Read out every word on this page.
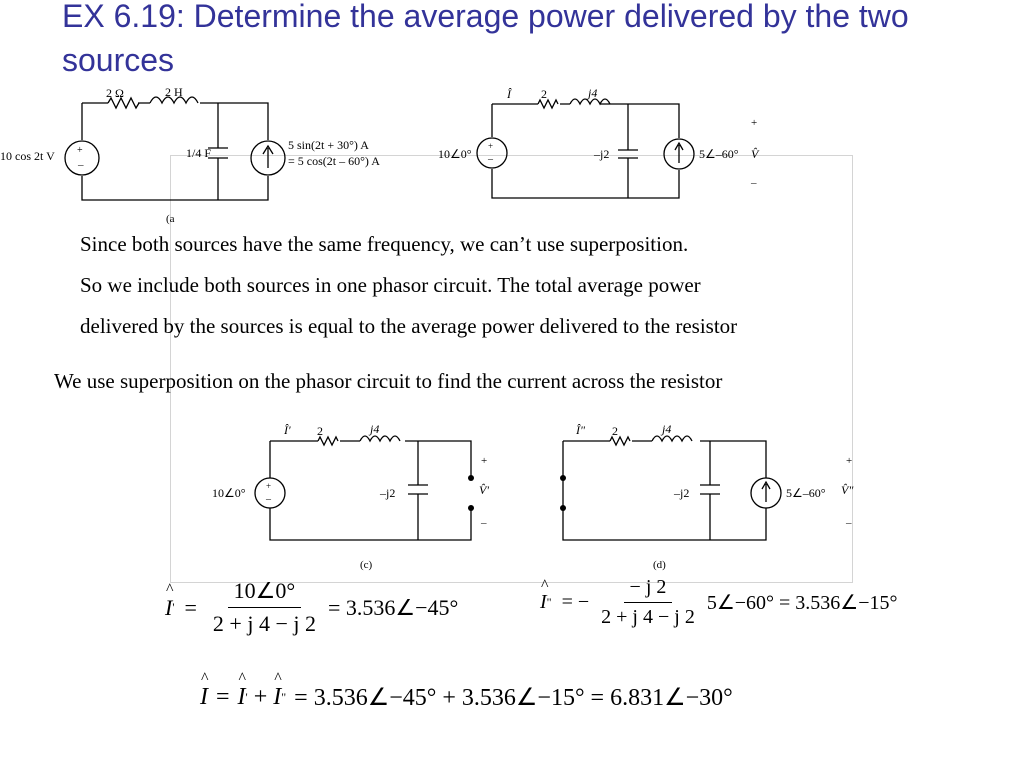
EX 6.19: Determine the average power delivered by the two sources
+
–
10 cos 2t V
2 Ω	2 H
1/4 F
5 sin(2t + 30°) A
= 5 cos(2t – 60°) A
(a
+
–
Î	2	j4
10∠0°	–j2	5∠–60°
+
V̂
–
Since both sources have the same frequency, we can’t use superposition.
So we include both sources in one phasor circuit. The total average power
delivered by the sources is equal to the average power delivered to the resistor
We use superposition on the phasor circuit to find the current across the resistor
+
–
Î' 2	j4
10∠0°	–j2
+
V̂'
–
(c)
Î" 2	j4
–j2	5∠–60°
+
V̂"
–
(d)
^ I ' = $\frac{10\angle 0^\circ}{2 + j 4 - j 2}$ = 3.536∠−45°	^ I " = − $\frac{- j 2}{2 + j 4 - j 2}$ 5∠−60° = 3.536∠−15°
^ I = ^ I ' + ^ I " = 3.536∠−45° + 3.536∠−15° = 6.831∠−30°
